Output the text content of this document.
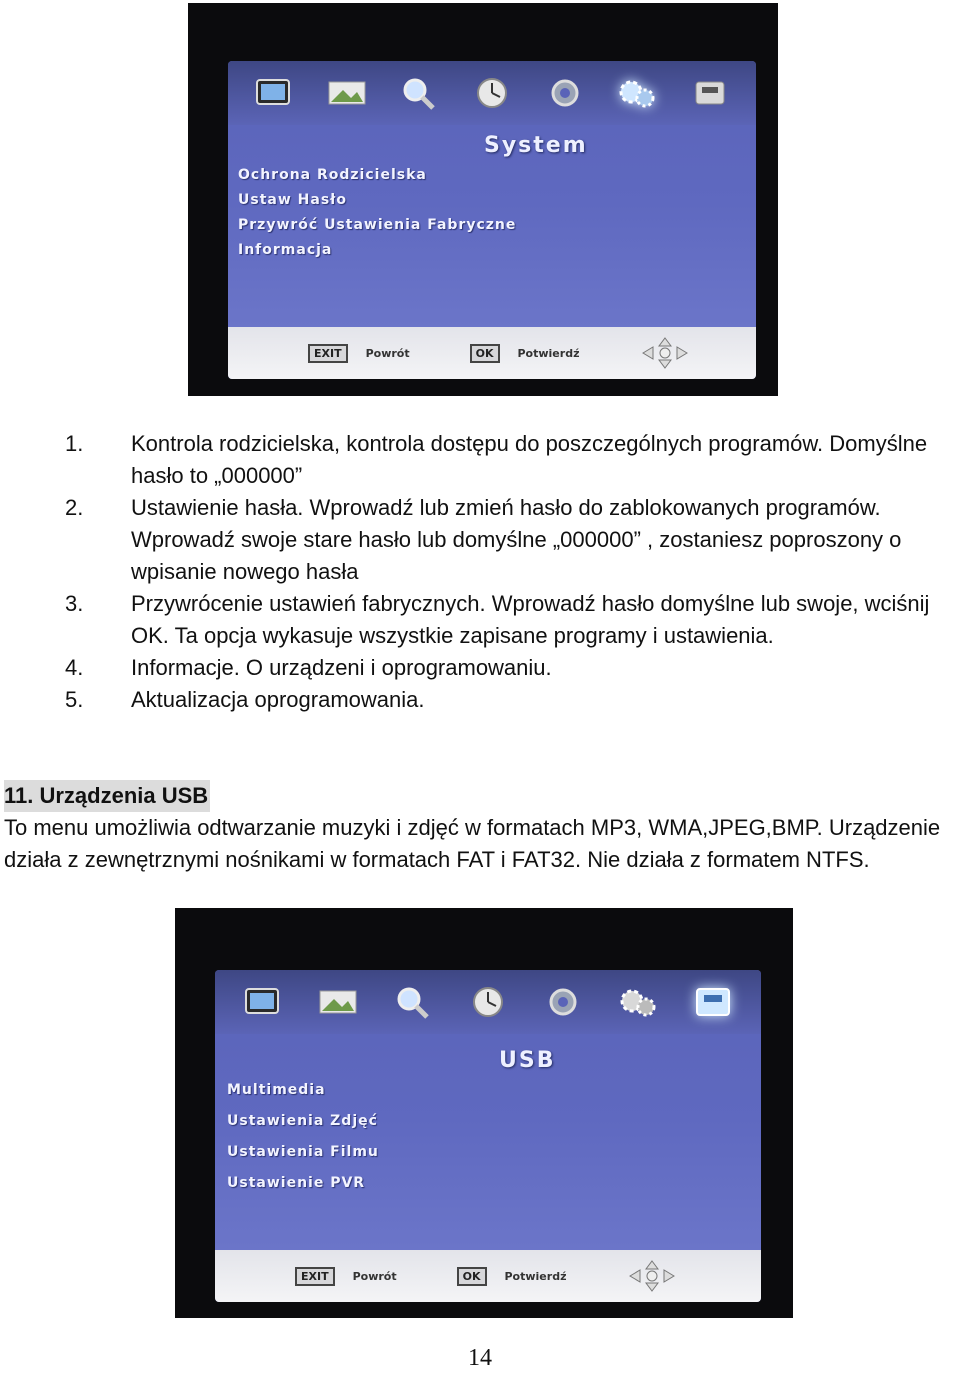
System
Ochrona Rodzicielska
Ustaw Hasło
Przywróć Ustawienia Fabryczne
Informacja
EXIT	Powrót	OK	Potwierdź
1. Kontrola rodzicielska, kontrola dostępu do poszczególnych programów. Domyślne hasło to „000000”
2. Ustawienie hasła. Wprowadź lub zmień hasło do zablokowanych programów. Wprowadź swoje stare hasło lub domyślne „000000” , zostaniesz poproszony o wpisanie nowego hasła
3. Przywrócenie ustawień fabrycznych. Wprowadź hasło domyślne lub swoje, wciśnij OK. Ta opcja wykasuje wszystkie zapisane programy i ustawienia.
4. Informacje. O urządzeni i oprogramowaniu.
5. Aktualizacja oprogramowania.
11. Urządzenia USB
To menu umożliwia odtwarzanie muzyki i zdjęć w formatach MP3, WMA,JPEG,BMP. Urządzenie działa z zewnętrznymi nośnikami w formatach FAT i FAT32. Nie działa z formatem NTFS.
USB
Multimedia
Ustawienia Zdjęć
Ustawienia Filmu
Ustawienie PVR
EXIT	Powrót	OK	Potwierdź
14
